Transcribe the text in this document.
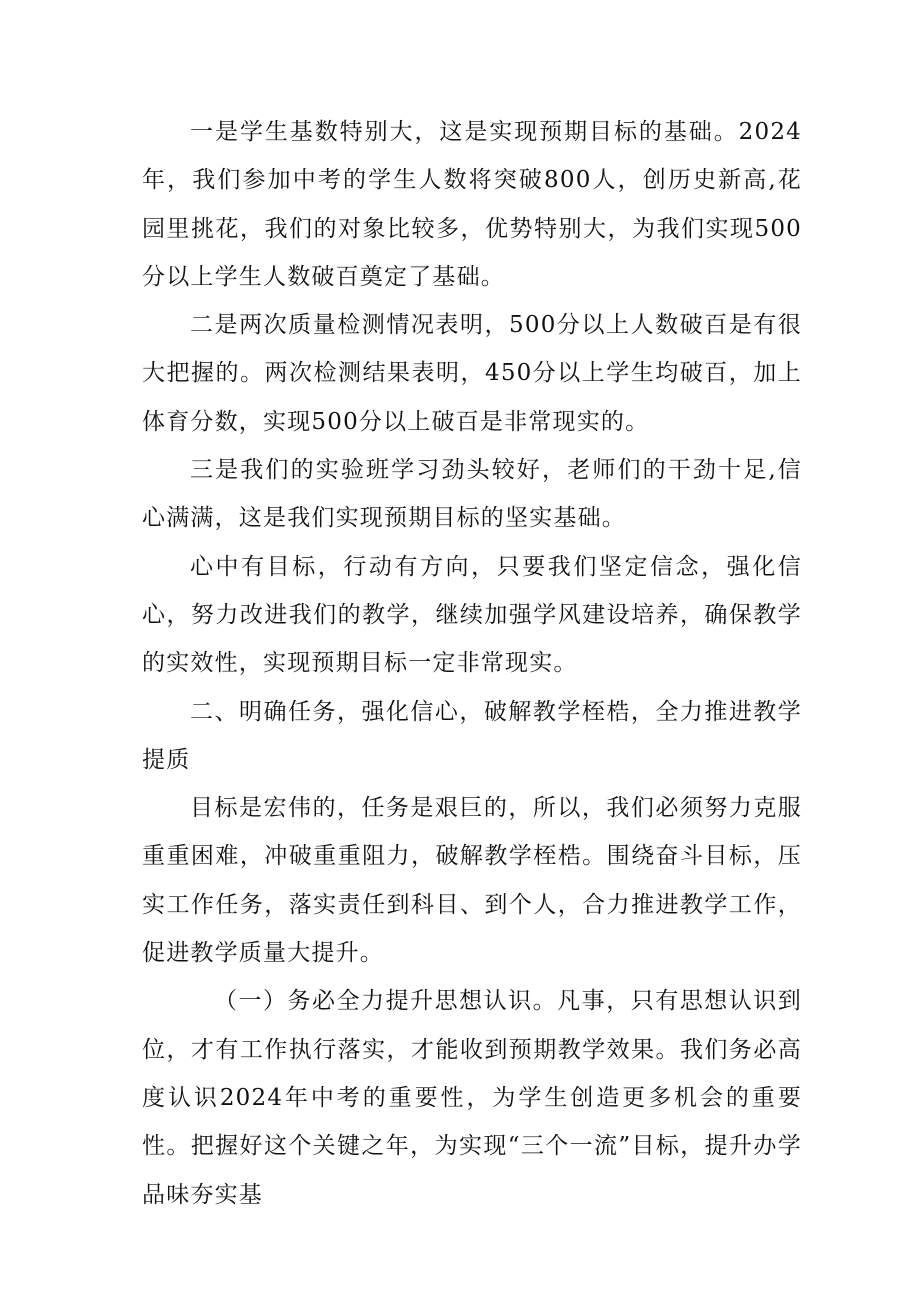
一是学生基数特别大，这是实现预期目标的基础。2024年，我们参加中考的学生人数将突破800人，创历史新高,花园里挑花，我们的对象比较多，优势特别大，为我们实现500分以上学生人数破百奠定了基础。

二是两次质量检测情况表明，500分以上人数破百是有很大把握的。两次检测结果表明，450分以上学生均破百，加上体育分数，实现500分以上破百是非常现实的。

三是我们的实验班学习劲头较好，老师们的干劲十足,信心满满，这是我们实现预期目标的坚实基础。

心中有目标，行动有方向，只要我们坚定信念，强化信心，努力改进我们的教学，继续加强学风建设培养，确保教学的实效性，实现预期目标一定非常现实。

二、明确任务，强化信心，破解教学桎梏，全力推进教学提质

目标是宏伟的，任务是艰巨的，所以，我们必须努力克服重重困难，冲破重重阻力，破解教学桎梏。围绕奋斗目标，压实工作任务，落实责任到科目、到个人，合力推进教学工作，促进教学质量大提升。

（一）务必全力提升思想认识。凡事，只有思想认识到位，才有工作执行落实，才能收到预期教学效果。我们务必高度认识2024年中考的重要性，为学生创造更多机会的重要性。把握好这个关键之年，为实现“三个一流”目标，提升办学品味夯实基
